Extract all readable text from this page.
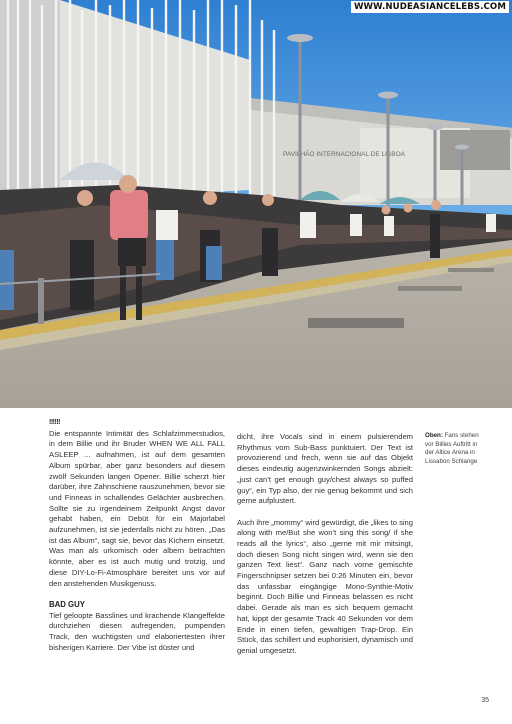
PAVILHÃO INTERNACIONAL DE LISBOA
WWW.NUDEASIANCELEBS.COM
!!!!!!

Die entspannte Intimität des Schlafzimmerstudios, in dem Billie und ihr Bruder WHEN WE ALL FALL ASLEEP ... aufnahmen, ist auf dem gesamten Album spürbar, aber ganz besonders auf diesem zwölf Sekunden langen Opener. Billie scherzt hier darüber, ihre Zahnschiene rauszunehmen, bevor sie und Finneas in schallendes Gelächter ausbrechen. Sollte sie zu irgendeinem Zeitpunkt Angst davor gehabt haben, ein Debüt für ein Majorlabel aufzunehmen, ist sie jedenfalls nicht zu hören. „Das ist das Album“, sagt sie, bevor das Kichern einsetzt. Was man als urkomisch oder albern betrachten könnte, aber es ist auch mutig und trotzig, und diese DIY-Lo-Fi-Atmosphäre bereitet uns vor auf den anstehenden Musikgenuss.

BAD GUY

Tief geloopte Basslines und krachende Klangeffekte durchziehen diesen aufregenden, pumpenden Track, den wuchtigsten und elaboriertesten ihrer bisherigen Karriere. Der Vibe ist düster und

dicht, ihre Vocals sind in einem pulsierendem Rhythmus vom Sub-Bass punktuiert. Der Text ist provozierend und frech, wenn sie auf das Objekt dieses eindeutig augenzwinkernden Songs abzielt: „just can’t get enough guy/chest always so puffed guy“, ein Typ also, der nie genug bekommt und sich gerne aufplustert.

Auch ihre „mommy“ wird gewürdigt, die „likes to sing along with me/But she won’t sing this song/ if she reads all the lyrics“, also „gerne mit mir mitsingt, doch diesen Song nicht singen wird, wenn sie den ganzen Text liest“. Ganz nach vorne gemischte Fingerschnipser setzen bei 0:26 Minuten ein, bevor das unfassbar eingängige Mono-Synthie-Motiv beginnt. Doch Billie und Finneas belassen es nicht dabei. Gerade als man es sich bequem gemacht hat, kippt der gesamte Track 40 Sekunden vor dem Ende in einen tiefen, gewaltigen Trap-Drop. Ein Stück, das schillert und euphorisiert, dynamisch und genial umgesetzt.

Oben: Fans stehen vor Billies Auftritt in der Altice Arena in Lissabon Schlange
35
